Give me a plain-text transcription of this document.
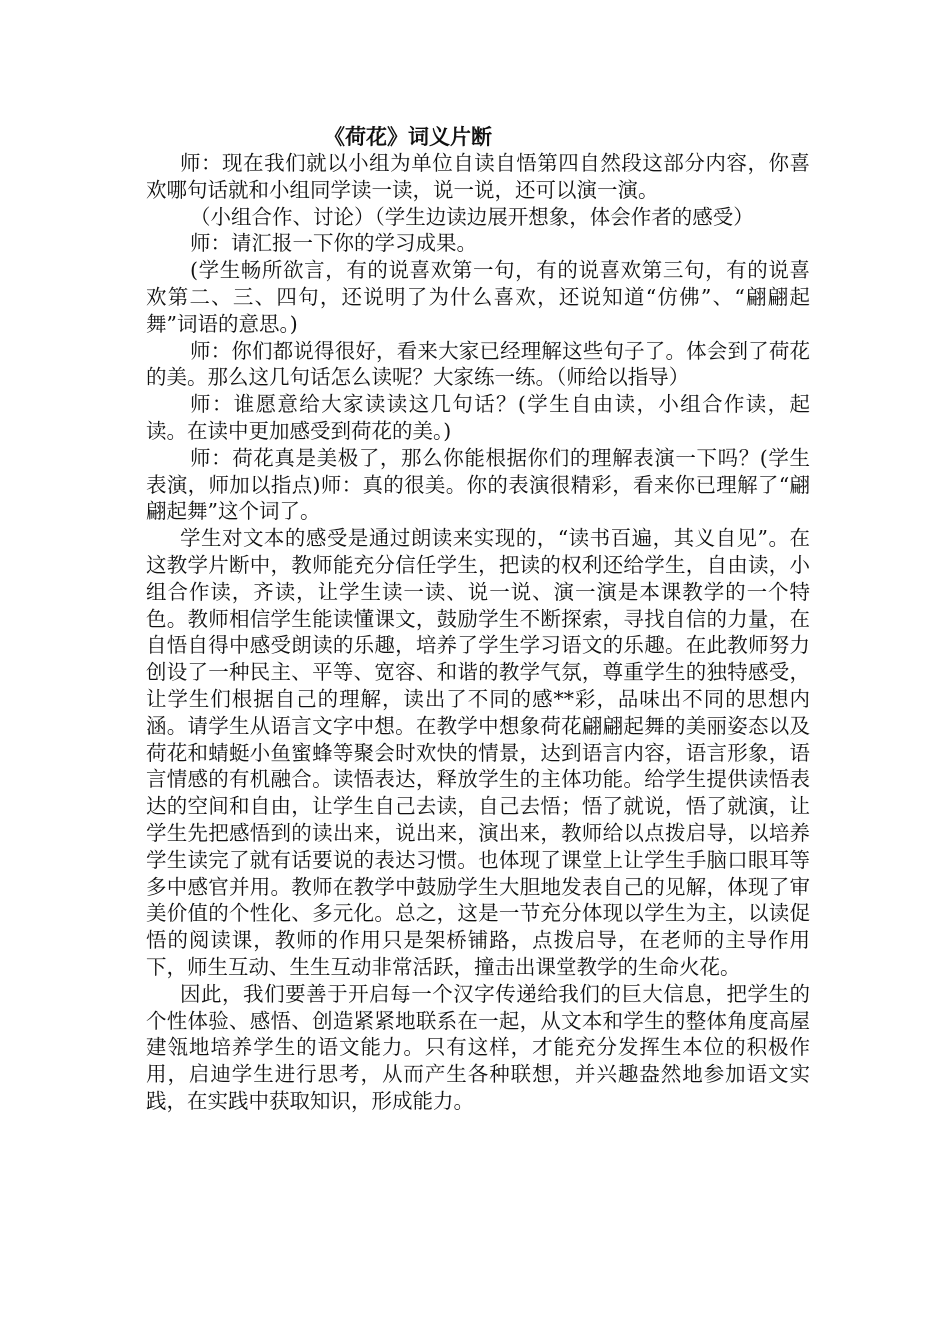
《荷花》词义片断

师：现在我们就以小组为单位自读自悟第四自然段这部分内容，你喜欢哪句话就和小组同学读一读，说一说，还可以演一演。

（小组合作、讨论）（学生边读边展开想象，体会作者的感受）

师：请汇报一下你的学习成果。

(学生畅所欲言，有的说喜欢第一句，有的说喜欢第三句，有的说喜欢第二、三、四句，还说明了为什么喜欢，还说知道“仿佛”、“翩翩起舞”词语的意思。)

师：你们都说得很好，看来大家已经理解这些句子了。体会到了荷花的美。那么这几句话怎么读呢？大家练一练。（师给以指导）

师：谁愿意给大家读读这几句话？(学生自由读，小组合作读，起读。在读中更加感受到荷花的美。)

师：荷花真是美极了，那么你能根据你们的理解表演一下吗？(学生表演，师加以指点)师：真的很美。你的表演很精彩，看来你已理解了“翩翩起舞”这个词了。

学生对文本的感受是通过朗读来实现的，“读书百遍，其义自见”。在这教学片断中，教师能充分信任学生，把读的权利还给学生，自由读，小组合作读，齐读，让学生读一读、说一说、演一演是本课教学的一个特色。教师相信学生能读懂课文，鼓励学生不断探索，寻找自信的力量，在自悟自得中感受朗读的乐趣，培养了学生学习语文的乐趣。在此教师努力创设了一种民主、平等、宽容、和谐的教学气氛，尊重学生的独特感受，让学生们根据自己的理解，读出了不同的感**彩，品味出不同的思想内涵。请学生从语言文字中想。在教学中想象荷花翩翩起舞的美丽姿态以及荷花和蜻蜓小鱼蜜蜂等聚会时欢快的情景，达到语言内容，语言形象，语言情感的有机融合。读悟表达，释放学生的主体功能。给学生提供读悟表达的空间和自由，让学生自己去读，自己去悟；悟了就说，悟了就演，让学生先把感悟到的读出来，说出来，演出来，教师给以点拨启导，以培养学生读完了就有话要说的表达习惯。也体现了课堂上让学生手脑口眼耳等多中感官并用。教师在教学中鼓励学生大胆地发表自己的见解，体现了审美价值的个性化、多元化。总之，这是一节充分体现以学生为主，以读促悟的阅读课，教师的作用只是架桥铺路，点拨启导，在老师的主导作用下，师生互动、生生互动非常活跃，撞击出课堂教学的生命火花。

因此，我们要善于开启每一个汉字传递给我们的巨大信息，把学生的个性体验、感悟、创造紧紧地联系在一起，从文本和学生的整体角度高屋建瓴地培养学生的语文能力。只有这样，才能充分发挥生本位的积极作用，启迪学生进行思考，从而产生各种联想，并兴趣盎然地参加语文实践，在实践中获取知识，形成能力。
